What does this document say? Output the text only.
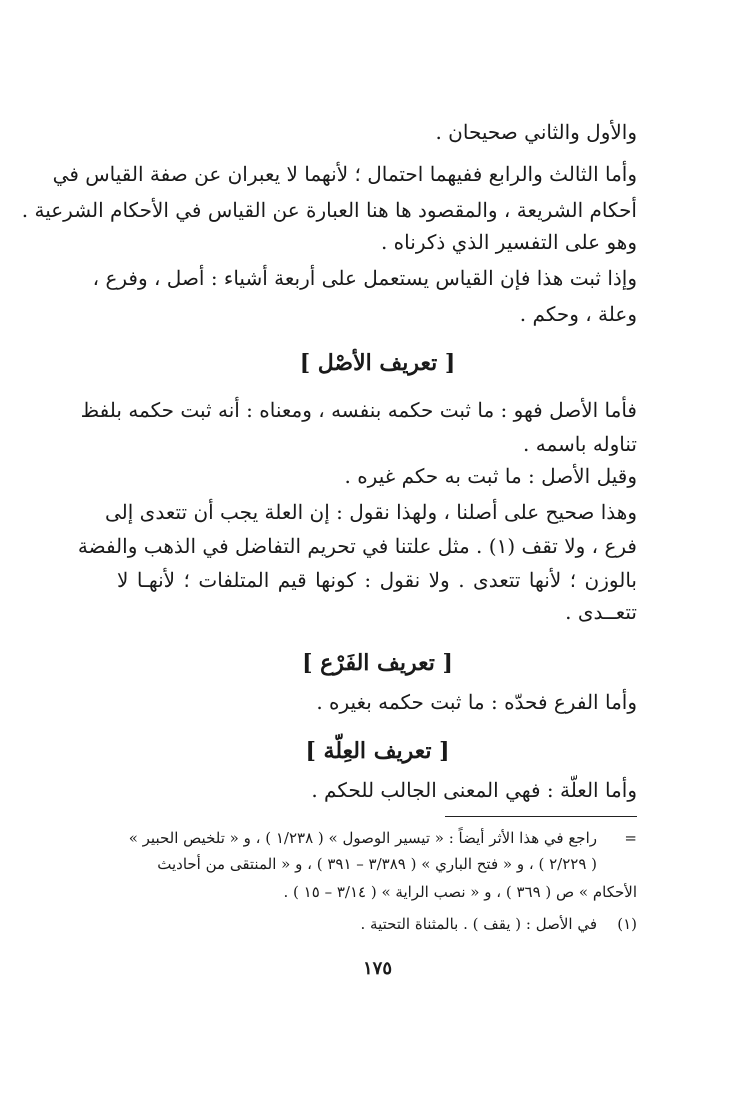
والأول والثاني صحيحان .
وأما الثالث والرابع ففيهما احتمال ؛ لأنهما لا يعبران عن صفة القياس في
أحكام الشريعة ، والمقصود ها هنا العبارة عن القياس في الأحكام الشرعية .
وهو على التفسير الذي ذكرناه .
وإذا ثبت هذا فإن القياس يستعمل على أربعة أشياء : أصل ، وفرع ،
وعلة ، وحكم .
[ تعريف الأصْل ]
فأما الأصل فهو : ما ثبت حكمه بنفسه ، ومعناه : أنه ثبت حكمه بلفظ
تناوله باسمه .
وقيل الأصل : ما ثبت به حكم غيره .
وهذا صحيح على أصلنا ، ولهذا نقول : إن العلة يجب أن تتعدى إلى
فرع ، ولا تقف (١) . مثل علتنا في تحريم التفاضل في الذهب والفضة
بالوزن ؛ لأنها تتعدى . ولا نقول : كونها قيم المتلفات ؛ لأنهـا لا
تتعــدى .
[ تعريف الفَرْع ]
وأما الفرع فحدّه : ما ثبت حكمه بغيره .
[ تعريف العِلّة ]
وأما العلّة : فهي المعنى الجالب للحكم .
=
راجع في هذا الأثر أيضاً : « تيسير الوصول » ( ١/٢٣٨ ) ، و « تلخيص الحبير »
( ٢/٢٢٩ ) ، و « فتح الباري » ( ٣/٣٨٩ – ٣٩١ ) ، و « المنتقى من أحاديث
الأحكام » ص ( ٣٦٩ ) ، و « نصب الراية » ( ٣/١٤ – ١٥ ) .
(١)
في الأصل : ( يقف ) . بالمثناة التحتية .
١٧٥
